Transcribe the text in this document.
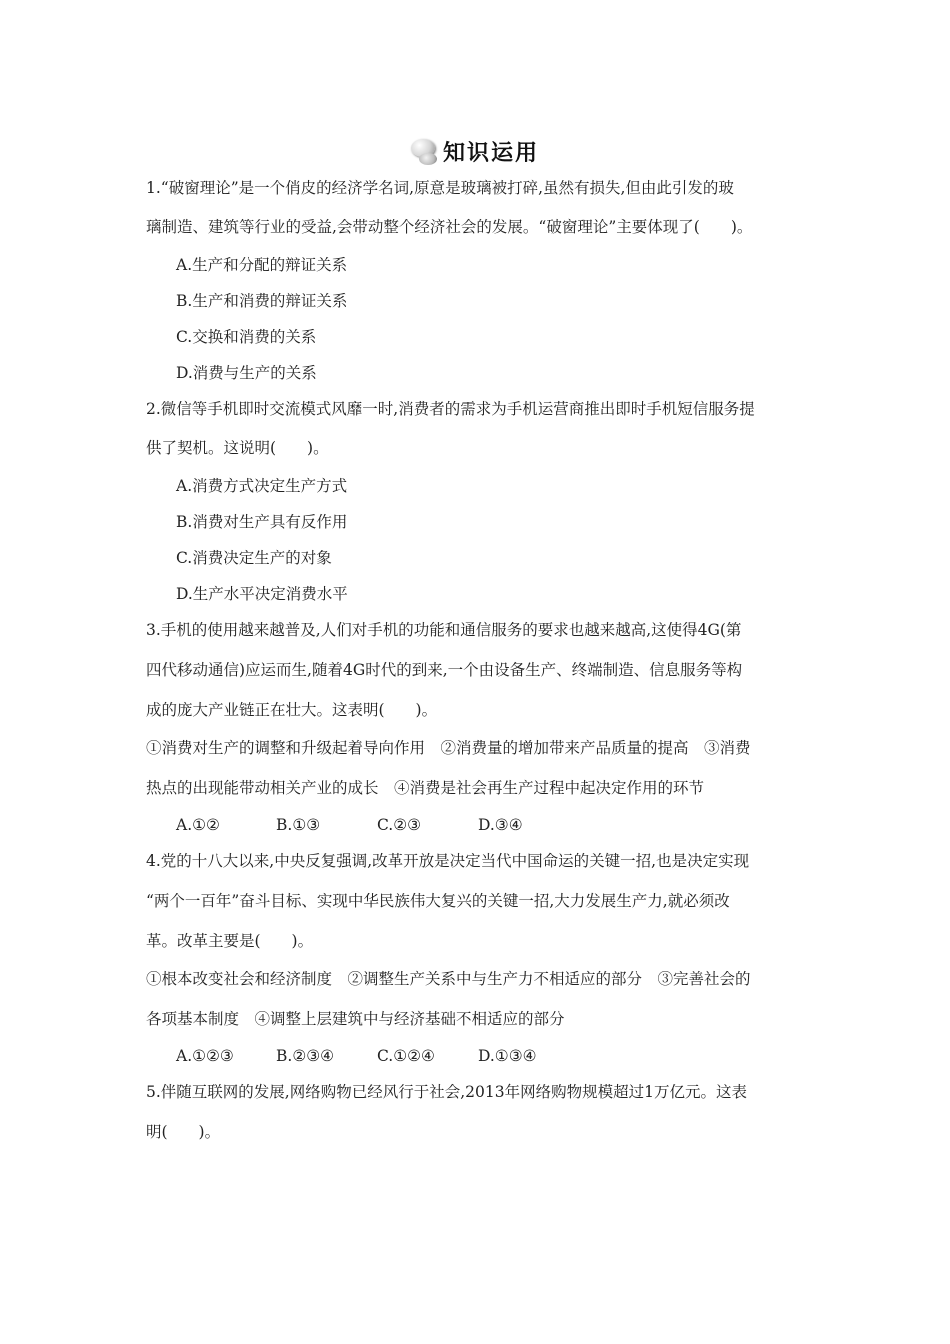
知识运用
1.“破窗理论”是一个俏皮的经济学名词,原意是玻璃被打碎,虽然有损失,但由此引发的玻
璃制造、建筑等行业的受益,会带动整个经济社会的发展。“破窗理论”主要体现了(　　)。
A.生产和分配的辩证关系
B.生产和消费的辩证关系
C.交换和消费的关系
D.消费与生产的关系
2.微信等手机即时交流模式风靡一时,消费者的需求为手机运营商推出即时手机短信服务提
供了契机。这说明(　　)。
A.消费方式决定生产方式
B.消费对生产具有反作用
C.消费决定生产的对象
D.生产水平决定消费水平
3.手机的使用越来越普及,人们对手机的功能和通信服务的要求也越来越高,这使得4G(第
四代移动通信)应运而生,随着4G时代的到来,一个由设备生产、终端制造、信息服务等构
成的庞大产业链正在壮大。这表明(　　)。
①消费对生产的调整和升级起着导向作用　②消费量的增加带来产品质量的提高　③消费
热点的出现能带动相关产业的成长　④消费是社会再生产过程中起决定作用的环节
A.①②	B.①③	C.②③	D.③④
4.党的十八大以来,中央反复强调,改革开放是决定当代中国命运的关键一招,也是决定实现
“两个一百年”奋斗目标、实现中华民族伟大复兴的关键一招,大力发展生产力,就必须改
革。改革主要是(　　)。
①根本改变社会和经济制度　②调整生产关系中与生产力不相适应的部分　③完善社会的
各项基本制度　④调整上层建筑中与经济基础不相适应的部分
A.①②③	B.②③④	C.①②④	D.①③④
5.伴随互联网的发展,网络购物已经风行于社会,2013年网络购物规模超过1万亿元。这表
明(　　)。
